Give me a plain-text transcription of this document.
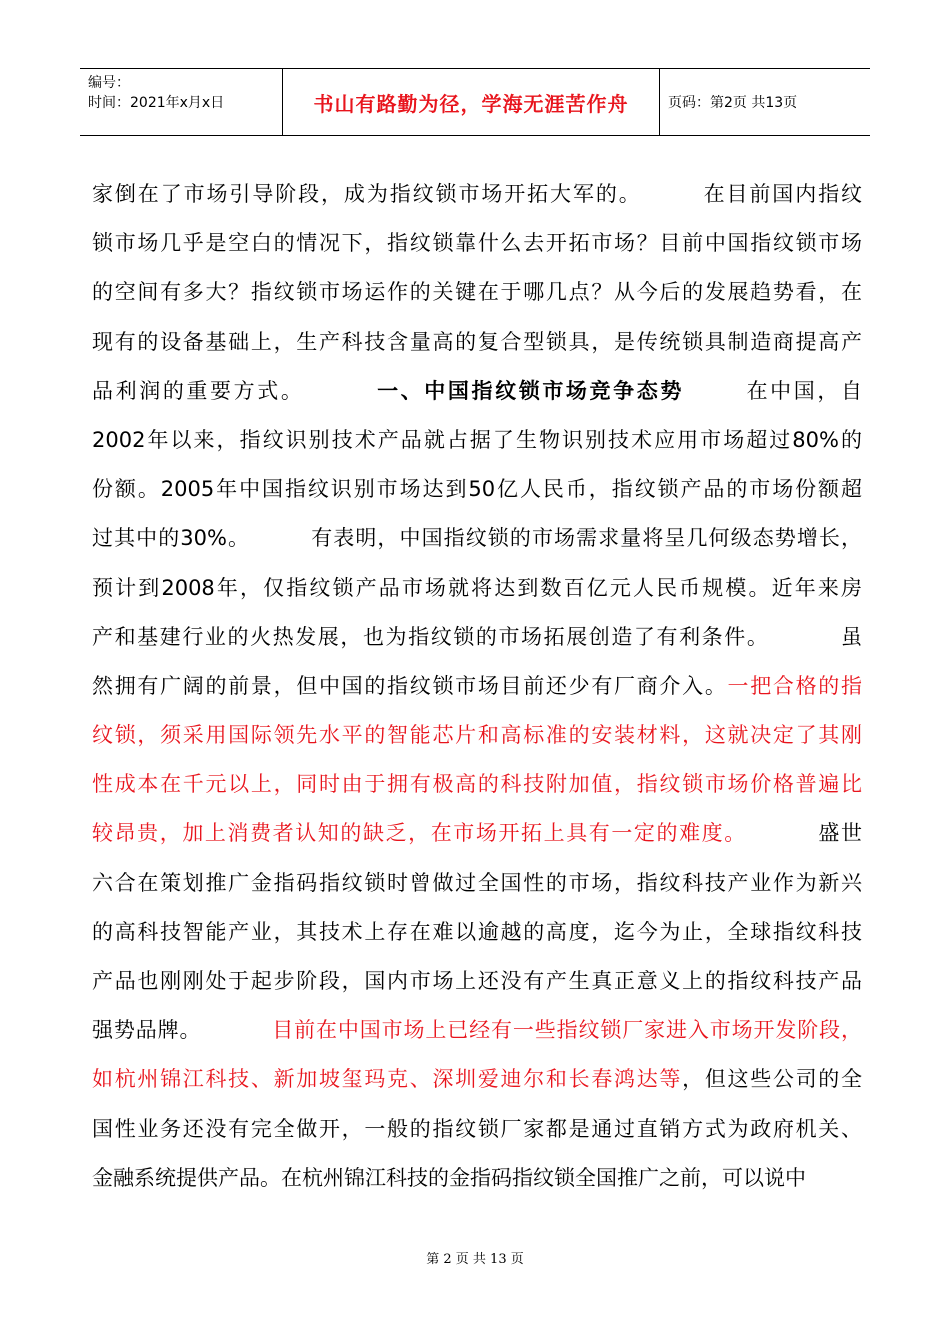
编号：
时间：2021年x月x日	书山有路勤为径，学海无涯苦作舟	页码：第2页 共13页
家倒在了市场引导阶段，成为指纹锁市场开拓大军的。	在目前国内指纹
锁市场几乎是空白的情况下，指纹锁靠什么去开拓市场？目前中国指纹锁市场
的空间有多大？指纹锁市场运作的关键在于哪几点？从今后的发展趋势看，在
现有的设备基础上，生产科技含量高的复合型锁具，是传统锁具制造商提高产
品利润的重要方式。	一、中国指纹锁市场竞争态势	在中国，自
2002年以来，指纹识别技术产品就占据了生物识别技术应用市场超过80%的
份额。2005年中国指纹识别市场达到50亿人民币，指纹锁产品的市场份额超
过其中的30%。	有表明，中国指纹锁的市场需求量将呈几何级态势增长，
预计到2008年，仅指纹锁产品市场就将达到数百亿元人民币规模。近年来房
产和基建行业的火热发展，也为指纹锁的市场拓展创造了有利条件。	虽
然拥有广阔的前景，但中国的指纹锁市场目前还少有厂商介入。一把合格的指
纹锁，须采用国际领先水平的智能芯片和高标准的安装材料，这就决定了其刚
性成本在千元以上，同时由于拥有极高的科技附加值，指纹锁市场价格普遍比
较昂贵，加上消费者认知的缺乏，在市场开拓上具有一定的难度。	盛世
六合在策划推广金指码指纹锁时曾做过全国性的市场，指纹科技产业作为新兴
的高科技智能产业，其技术上存在难以逾越的高度，迄今为止，全球指纹科技
产品也刚刚处于起步阶段，国内市场上还没有产生真正意义上的指纹科技产品
强势品牌。	目前在中国市场上已经有一些指纹锁厂家进入市场开发阶段，
如杭州锦江科技、新加坡玺玛克、深圳爱迪尔和长春鸿达等，但这些公司的全
国性业务还没有完全做开，一般的指纹锁厂家都是通过直销方式为政府机关、
金融系统提供产品。在杭州锦江科技的金指码指纹锁全国推广之前，可以说中
第 2 页 共 13 页
